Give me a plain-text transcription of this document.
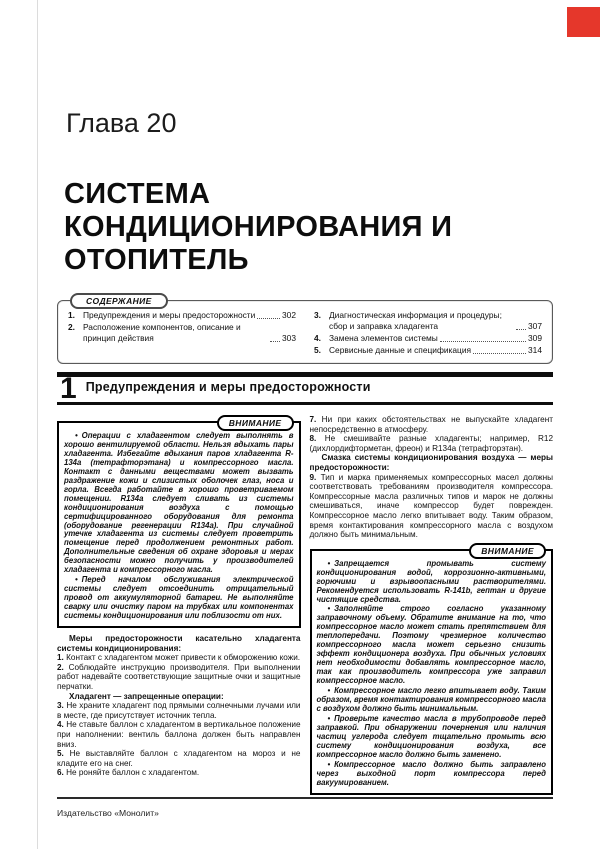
Глава 20
СИСТЕМА КОНДИЦИОНИРОВАНИЯ И ОТОПИТЕЛЬ
СОДЕРЖАНИЕ
1. Предупреждения и меры предосторожности	302
2. Расположение компонентов, описание и принцип действия	303
3. Диагностическая информация и процедуры; сбор и заправка хладагента	307
4. Замена элементов системы	309
5. Сервисные данные и спецификация	314
1 Предупреждения и меры предосторожности
ВНИМАНИЕ

• Операции с хладагентом следует выполнять в хорошо вентилируемой области. Нельзя вдыхать пары хладагента. Избегайте вдыхания паров хладагента R-134a (тетрафторэтана) и компрессорного масла. Контакт с данными веществами может вызвать раздражение кожи и слизистых оболочек глаз, носа и горла. Всегда работайте в хорошо проветриваемом помещении. R134a следует сливать из системы кондиционирования воздуха с помощью сертифицированного оборудования для ремонта (оборудование регенерации R134a). При случайной утечке хладагента из системы следует проветрить помещение перед продолжением ремонтных работ. Дополнительные сведения об охране здоровья и мерах безопасности можно получить у производителей хладагента и компрессорного масла.

• Перед началом обслуживания электрической системы следует отсоединить отрицательный провод от аккумуляторной батареи. Не выполняйте сварку или очистку паром на трубках или компонентах системы кондиционирования или поблизости от них.

Меры предосторожности касательно хладагента системы кондиционирования:

1. Контакт с хладагентом может привести к обморожению кожи.

2. Соблюдайте инструкцию производителя. При выполнении работ надевайте соответствующие защитные очки и защитные перчатки.

Хладагент — запрещенные операции:

3. Не храните хладагент под прямыми солнечными лучами или в месте, где присутствует источник тепла.

4. Не ставьте баллон с хладагентом в вертикальное положение при наполнении: вентиль баллона должен быть направлен вниз.

5. Не выставляйте баллон с хладагентом на мороз и не кладите его на снег.

6. Не роняйте баллон с хладагентом.

7. Ни при каких обстоятельствах не выпускайте хладагент непосредственно в атмосферу.

8. Не смешивайте разные хладагенты; например, R12 (дихлордифторметан, фреон) и R134a (тетрафторэтан).

Смазка системы кондиционирования воздуха — меры предосторожности:

9. Тип и марка применяемых компрессорных масел должны соответствовать требованиям производителя компрессора. Компрессорные масла различных типов и марок не должны смешиваться, иначе компрессор будет поврежден. Компрессорное масло легко впитывает воду. Таким образом, время контактирования компрессорного масла с воздухом должно быть минимальным.

ВНИМАНИЕ

• Запрещается промывать систему кондиционирования водой, коррозионно-активными, горючими и взрывоопасными растворителями. Рекомендуется использовать R-141b, гептан и другие чистящие средства.

• Заполняйте строго согласно указанному заправочному объему. Обратите внимание на то, что компрессорное масло может стать препятствием для теплопередачи. Поэтому чрезмерное количество компрессорного масла может серьезно снизить эффект кондиционера воздуха. При обычных условиях нет необходимости добавлять компрессорное масло, так как производитель компрессора уже заправил компрессорное масло.

• Компрессорное масло легко впитывает воду. Таким образом, время контактирования компрессорного масла с воздухом должно быть минимальным.

• Проверьте качество масла в трубопроводе перед заправкой. При обнаружении почернения или наличия частиц углерода следует тщательно промыть всю систему кондиционирования воздуха, все компрессорное масло должно быть заменено.

• Компрессорное масло должно быть заправлено через выходной порт компрессора перед вакуумированием.

Издательство «Монолит»
